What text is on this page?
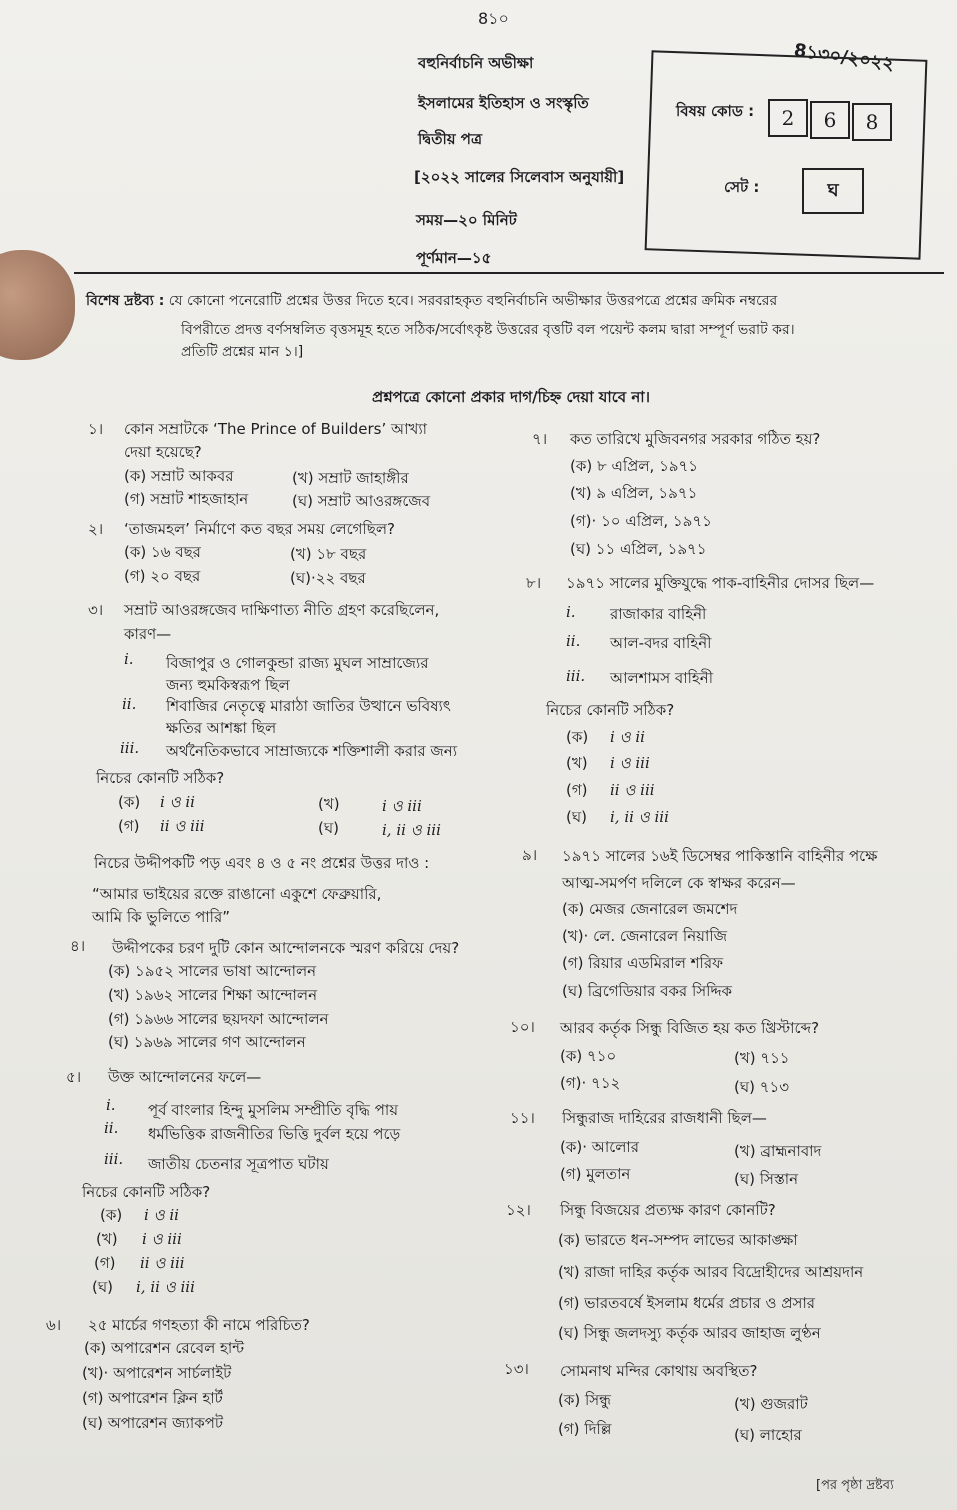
8১০
8১৩০/২০২২
বহুনির্বাচনি অভীক্ষা
ইসলামের ইতিহাস ও সংস্কৃতি
দ্বিতীয় পত্র
[২০২২ সালের সিলেবাস অনুযায়ী]
সময়—২০ মিনিট
পূর্ণমান—১৫
বিষয় কোড :	2	6	8
সেট :	ঘ
বিশেষ দ্রষ্টব্য : যে কোনো পনেরোটি প্রশ্নের উত্তর দিতে হবে। সরবরাহকৃত বহুনির্বাচনি অভীক্ষার উত্তরপত্রে প্রশ্নের ক্রমিক নম্বরের
বিপরীতে প্রদত্ত বর্ণসম্বলিত বৃত্তসমূহ হতে সঠিক/সর্বোৎকৃষ্ট উত্তরের বৃত্তটি বল পয়েন্ট কলম দ্বারা সম্পূর্ণ ভরাট কর।
প্রতিটি প্রশ্নের মান ১।]
প্রশ্নপত্রে কোনো প্রকার দাগ/চিহ্ন দেয়া যাবে না।
১। কোন সম্রাটকে ‘The Prince of Builders’ আখ্যা
দেয়া হয়েছে?
(ক) সম্রাট আকবর	(খ) সম্রাট জাহাঙ্গীর
(গ) সম্রাট শাহজাহান	(ঘ) সম্রাট আওরঙ্গজেব
২। ‘তাজমহল’ নির্মাণে কত বছর সময় লেগেছিল?
(ক) ১৬ বছর	(খ) ১৮ বছর
(গ) ২০ বছর	(ঘ)·২২ বছর
৩। সম্রাট আওরঙ্গজেব দাক্ষিণাত্য নীতি গ্রহণ করেছিলেন,
কারণ—
i. বিজাপুর ও গোলকুন্ডা রাজ্য মুঘল সাম্রাজ্যের
জন্য হুমকিস্বরূপ ছিল
ii. শিবাজির নেতৃত্বে মারাঠা জাতির উত্থানে ভবিষ্যৎ
ক্ষতির আশঙ্কা ছিল
iii. অর্থনৈতিকভাবে সাম্রাজ্যকে শক্তিশালী করার জন্য
নিচের কোনটি সঠিক?
(ক) i ও ii	(খ)	i ও iii
(গ) ii ও iii	(ঘ)	i, ii ও iii
নিচের উদ্দীপকটি পড় এবং ৪ ও ৫ নং প্রশ্নের উত্তর দাও :
“আমার ভাইয়ের রক্তে রাঙানো একুশে ফেব্রুয়ারি,
আমি কি ভুলিতে পারি”
৪। উদ্দীপকের চরণ দুটি কোন আন্দোলনকে স্মরণ করিয়ে দেয়?
(ক) ১৯৫২ সালের ভাষা আন্দোলন
(খ) ১৯৬২ সালের শিক্ষা আন্দোলন
(গ) ১৯৬৬ সালের ছয়দফা আন্দোলন
(ঘ) ১৯৬৯ সালের গণ আন্দোলন
৫। উক্ত আন্দোলনের ফলে—
i. পূর্ব বাংলার হিন্দু মুসলিম সম্প্রীতি বৃদ্ধি পায়
ii. ধর্মভিত্তিক রাজনীতির ভিত্তি দুর্বল হয়ে পড়ে
iii. জাতীয় চেতনার সূত্রপাত ঘটায়
নিচের কোনটি সঠিক?
(ক) i ও ii
(খ) i ও iii
(গ) ii ও iii
(ঘ) i, ii ও iii
৬। ২৫ মার্চের গণহত্যা কী নামে পরিচিত?
(ক) অপারেশন রেবেল হান্ট
(খ)· অপারেশন সার্চলাইট
(গ) অপারেশন ক্লিন হার্ট
(ঘ) অপারেশন জ্যাকপট
৭। কত তারিখে মুজিবনগর সরকার গঠিত হয়?
(ক) ৮ এপ্রিল, ১৯৭১
(খ) ৯ এপ্রিল, ১৯৭১
(গ)· ১০ এপ্রিল, ১৯৭১
(ঘ) ১১ এপ্রিল, ১৯৭১
৮। ১৯৭১ সালের মুক্তিযুদ্ধে পাক-বাহিনীর দোসর ছিল—
i. রাজাকার বাহিনী
ii. আল-বদর বাহিনী
iii. আলশামস বাহিনী
নিচের কোনটি সঠিক?
(ক) i ও ii
(খ) i ও iii
(গ) ii ও iii
(ঘ) i, ii ও iii
৯। ১৯৭১ সালের ১৬ই ডিসেম্বর পাকিস্তানি বাহিনীর পক্ষে
আত্ম-সমর্পণ দলিলে কে স্বাক্ষর করেন—
(ক) মেজর জেনারেল জমশেদ
(খ)· লে. জেনারেল নিয়াজি
(গ) রিয়ার এডমিরাল শরিফ
(ঘ) ব্রিগেডিয়ার বকর সিদ্দিক
১০। আরব কর্তৃক সিন্ধু বিজিত হয় কত খ্রিস্টাব্দে?
(ক) ৭১০	(খ) ৭১১
(গ)· ৭১২	(ঘ) ৭১৩
১১। সিন্ধুরাজ দাহিরের রাজধানী ছিল—
(ক)· আলোর	(খ) ব্রাহ্মনাবাদ
(গ) মুলতান	(ঘ) সিস্তান
১২। সিন্ধু বিজয়ের প্রত্যক্ষ কারণ কোনটি?
(ক) ভারতে ধন-সম্পদ লাভের আকাঙ্ক্ষা
(খ) রাজা দাহির কর্তৃক আরব বিদ্রোহীদের আশ্রয়দান
(গ) ভারতবর্ষে ইসলাম ধর্মের প্রচার ও প্রসার
(ঘ) সিন্ধু জলদস্যু কর্তৃক আরব জাহাজ লুণ্ঠন
১৩। সোমনাথ মন্দির কোথায় অবস্থিত?
(ক) সিন্ধু	(খ) গুজরাট
(গ) দিল্লি	(ঘ) লাহোর
[পর পৃষ্ঠা দ্রষ্টব্য
